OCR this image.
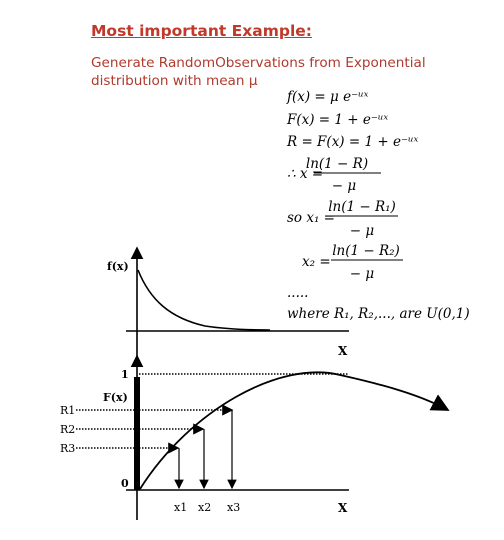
Most important Example:
Generate RandomObservations from Exponential
distribution with mean μ
f(x) = μ e⁻ᵘˣ
F(x) = 1 + e⁻ᵘˣ
R = F(x) = 1 + e⁻ᵘˣ
∴ x =
ln(1 − R)
− μ
so x₁ =
ln(1 − R₁)
− μ
x₂ =
ln(1 − R₂)
− μ
.....
where R₁, R₂,..., are U(0,1)
f(x)
X
1
0
F(x)
R1
R2
R3
x1 x2 x3	X
